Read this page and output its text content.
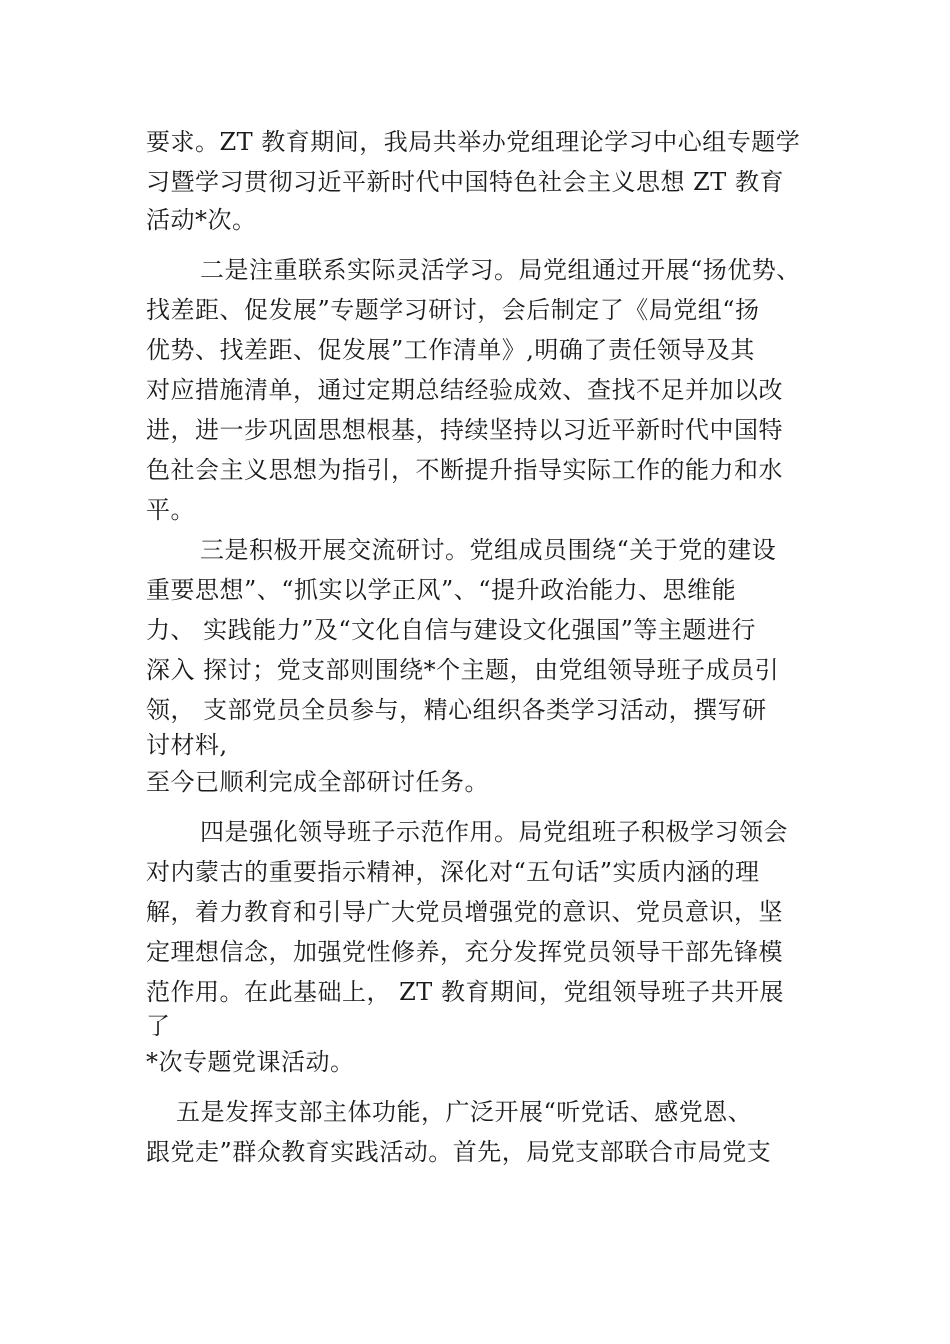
要求。ZT 教育期间，我局共举办党组理论学习中心组专题学
习暨学习贯彻习近平新时代中国特色社会主义思想 ZT 教育
活动*次。
二是注重联系实际灵活学习。局党组通过开展“扬优势、
找差距、促发展”专题学习研讨，会后制定了《局党组“扬
优势、找差距、促发展”工作清单》,明确了责任领导及其
对应措施清单，通过定期总结经验成效、查找不足并加以改
进，进一步巩固思想根基，持续坚持以习近平新时代中国特
色社会主义思想为指引，不断提升指导实际工作的能力和水
平。
三是积极开展交流研讨。党组成员围绕“关于党的建设
重要思想”、“抓实以学正风”、“提升政治能力、思维能
力、 实践能力”及“文化自信与建设文化强国”等主题进行
深入 探讨；党支部则围绕*个主题，由党组领导班子成员引
领， 支部党员全员参与，精心组织各类学习活动，撰写研
讨材料,
至今已顺利完成全部研讨任务。
四是强化领导班子示范作用。局党组班子积极学习领会
对内蒙古的重要指示精神，深化对“五句话”实质内涵的理
解，着力教育和引导广大党员增强党的意识、党员意识，坚
定理想信念，加强党性修养，充分发挥党员领导干部先锋模
范作用。在此基础上， ZT 教育期间，党组领导班子共开展
了
*次专题党课活动。
五是发挥支部主体功能，广泛开展“听党话、感党恩、
跟党走”群众教育实践活动。首先，局党支部联合市局党支
